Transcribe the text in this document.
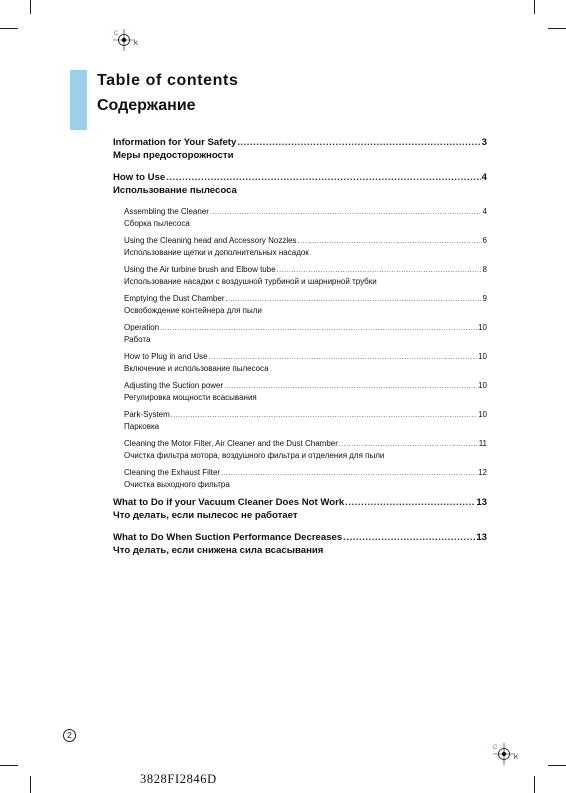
C
K
C
K
Table of contents
Содержание
Information for Your Safety .....	3
Меры предосторожности
How to Use .....	4
Использование пылесоса
Assembling the Cleaner .....	4
Сборка пылесоса
Using the Cleaning head and Accessory Nozzles .....	6
Использование щетки и дополнительных насадок
Using the Air turbine brush and Elbow tube .....	8
Использование насадки с воздушной турбиной и шарнирной трубки
Emptying the Dust Chamber .....	9
Освобождение контейнера для пыли
Operation .....	10
Работа
How to Plug in and Use .....	10
Включение и использование пылесоса
Adjusting the Suction power .....	10
Регулировка мощности всасывания
Park-System .....	10
Парковка
Cleaning the Motor Filter, Air Cleaner and the Dust Chamber .....	11
Очистка фильтра мотора, воздушного фильтра и отделения для пыли
Cleaning the Exhaust Filter .....	12
Очистка выходного фильтра
What to Do if your Vacuum Cleaner Does Not Work .....	13
Что делать, если пылесос не работает
What to Do When Suction Performance Decreases .....	13
Что делать, если снижена сила всасывания
2
3828FI2846D
